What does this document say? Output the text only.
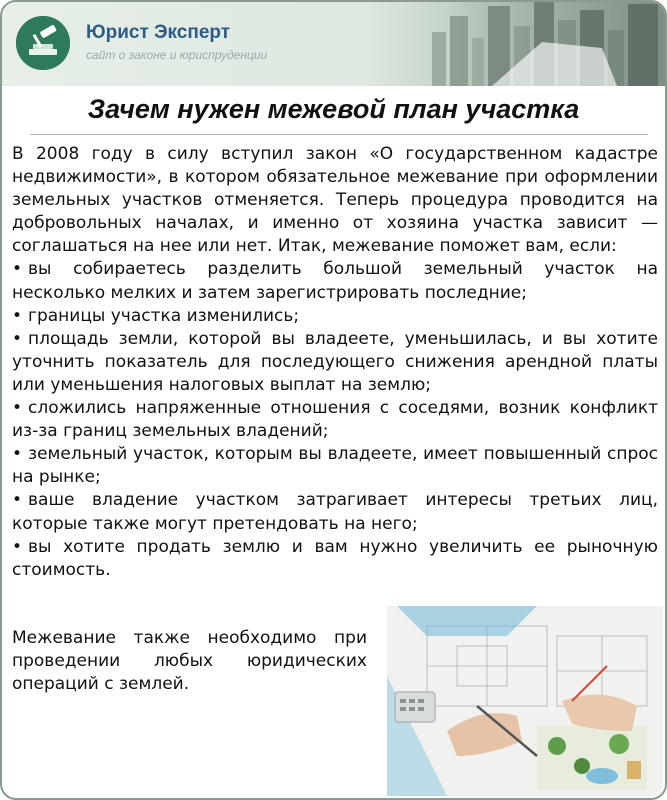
Юрист Эксперт
сайт о законе и юриспруденции
Зачем нужен межевой план участка

В 2008 году в силу вступил закон «О государственном кадастре недвижимости», в котором обязательное межевание при оформлении земельных участков отменяется. Теперь процедура проводится на добровольных началах, и именно от хозяина участка зависит — соглашаться на нее или нет. Итак, межевание поможет вам, если:

• вы собираетесь разделить большой земельный участок на несколько мелких и затем зарегистрировать последние;
• границы участка изменились;
• площадь земли, которой вы владеете, уменьшилась, и вы хотите уточнить показатель для последующего снижения арендной платы или уменьшения налоговых выплат на землю;
• сложились напряженные отношения с соседями, возник конфликт из-за границ земельных владений;
• земельный участок, которым вы владеете, имеет повышенный спрос на рынке;
• ваше владение участком затрагивает интересы третьих лиц, которые также могут претендовать на него;
• вы хотите продать землю и вам нужно увеличить ее рыночную стоимость.

Межевание также необходимо при проведении любых юридических операций с землей.
